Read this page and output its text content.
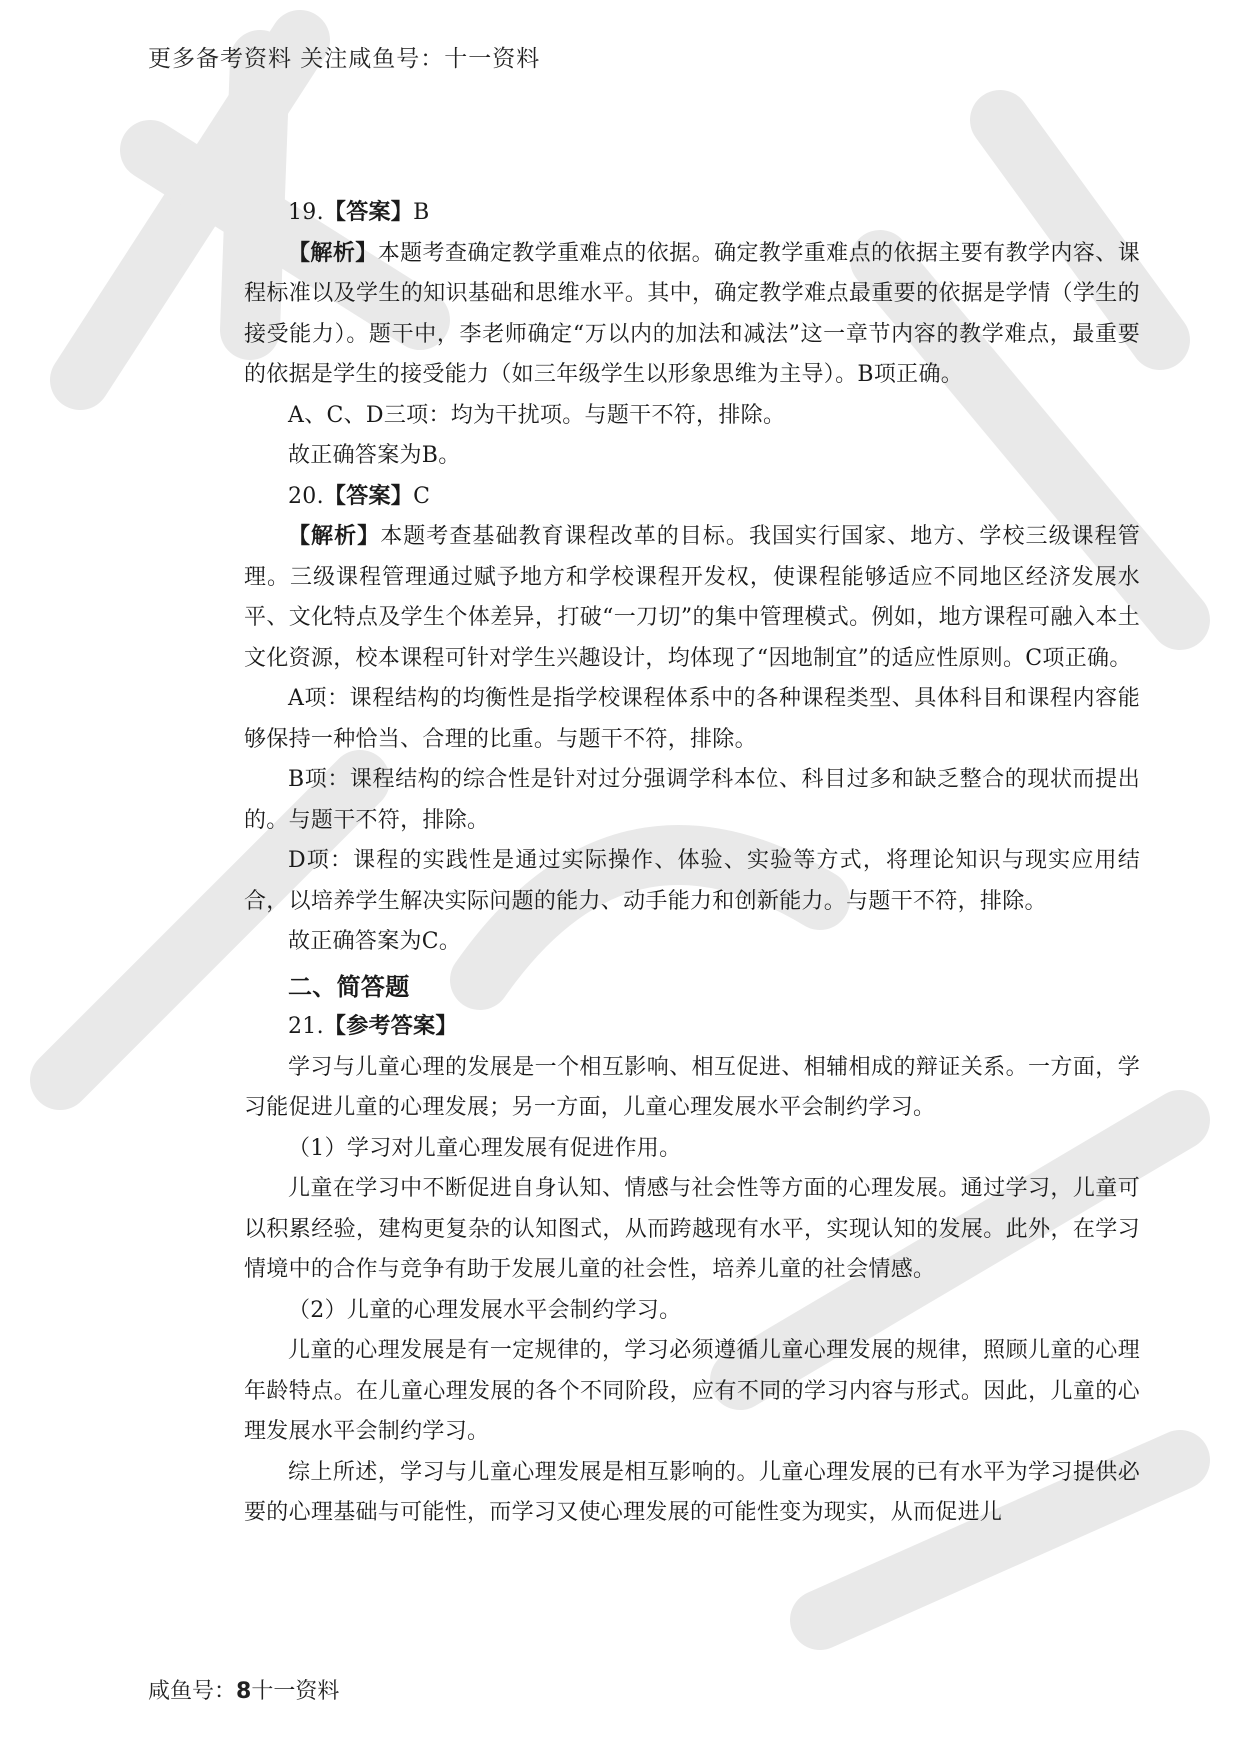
更多备考资料 关注咸鱼号：十一资料

19.【答案】B

【解析】本题考查确定教学重难点的依据。确定教学重难点的依据主要有教学内容、课程标准以及学生的知识基础和思维水平。其中，确定教学难点最重要的依据是学情（学生的接受能力）。题干中，李老师确定“万以内的加法和减法”这一章节内容的教学难点，最重要的依据是学生的接受能力（如三年级学生以形象思维为主导）。B项正确。

A、C、D三项：均为干扰项。与题干不符，排除。

故正确答案为B。

20.【答案】C

【解析】本题考查基础教育课程改革的目标。我国实行国家、地方、学校三级课程管理。三级课程管理通过赋予地方和学校课程开发权，使课程能够适应不同地区经济发展水平、文化特点及学生个体差异，打破“一刀切”的集中管理模式。例如，地方课程可融入本土文化资源，校本课程可针对学生兴趣设计，均体现了“因地制宜”的适应性原则。C项正确。

A项：课程结构的均衡性是指学校课程体系中的各种课程类型、具体科目和课程内容能够保持一种恰当、合理的比重。与题干不符，排除。

B项：课程结构的综合性是针对过分强调学科本位、科目过多和缺乏整合的现状而提出的。与题干不符，排除。

D项：课程的实践性是通过实际操作、体验、实验等方式，将理论知识与现实应用结合，以培养学生解决实际问题的能力、动手能力和创新能力。与题干不符，排除。

故正确答案为C。

二、简答题

21.【参考答案】

学习与儿童心理的发展是一个相互影响、相互促进、相辅相成的辩证关系。一方面，学习能促进儿童的心理发展；另一方面，儿童心理发展水平会制约学习。

（1）学习对儿童心理发展有促进作用。

儿童在学习中不断促进自身认知、情感与社会性等方面的心理发展。通过学习，儿童可以积累经验，建构更复杂的认知图式，从而跨越现有水平，实现认知的发展。此外，在学习情境中的合作与竞争有助于发展儿童的社会性，培养儿童的社会情感。

（2）儿童的心理发展水平会制约学习。

儿童的心理发展是有一定规律的，学习必须遵循儿童心理发展的规律，照顾儿童的心理年龄特点。在儿童心理发展的各个不同阶段，应有不同的学习内容与形式。因此，儿童的心理发展水平会制约学习。

综上所述，学习与儿童心理发展是相互影响的。儿童心理发展的已有水平为学习提供必要的心理基础与可能性，而学习又使心理发展的可能性变为现实，从而促进儿

咸鱼号：8十一资料
